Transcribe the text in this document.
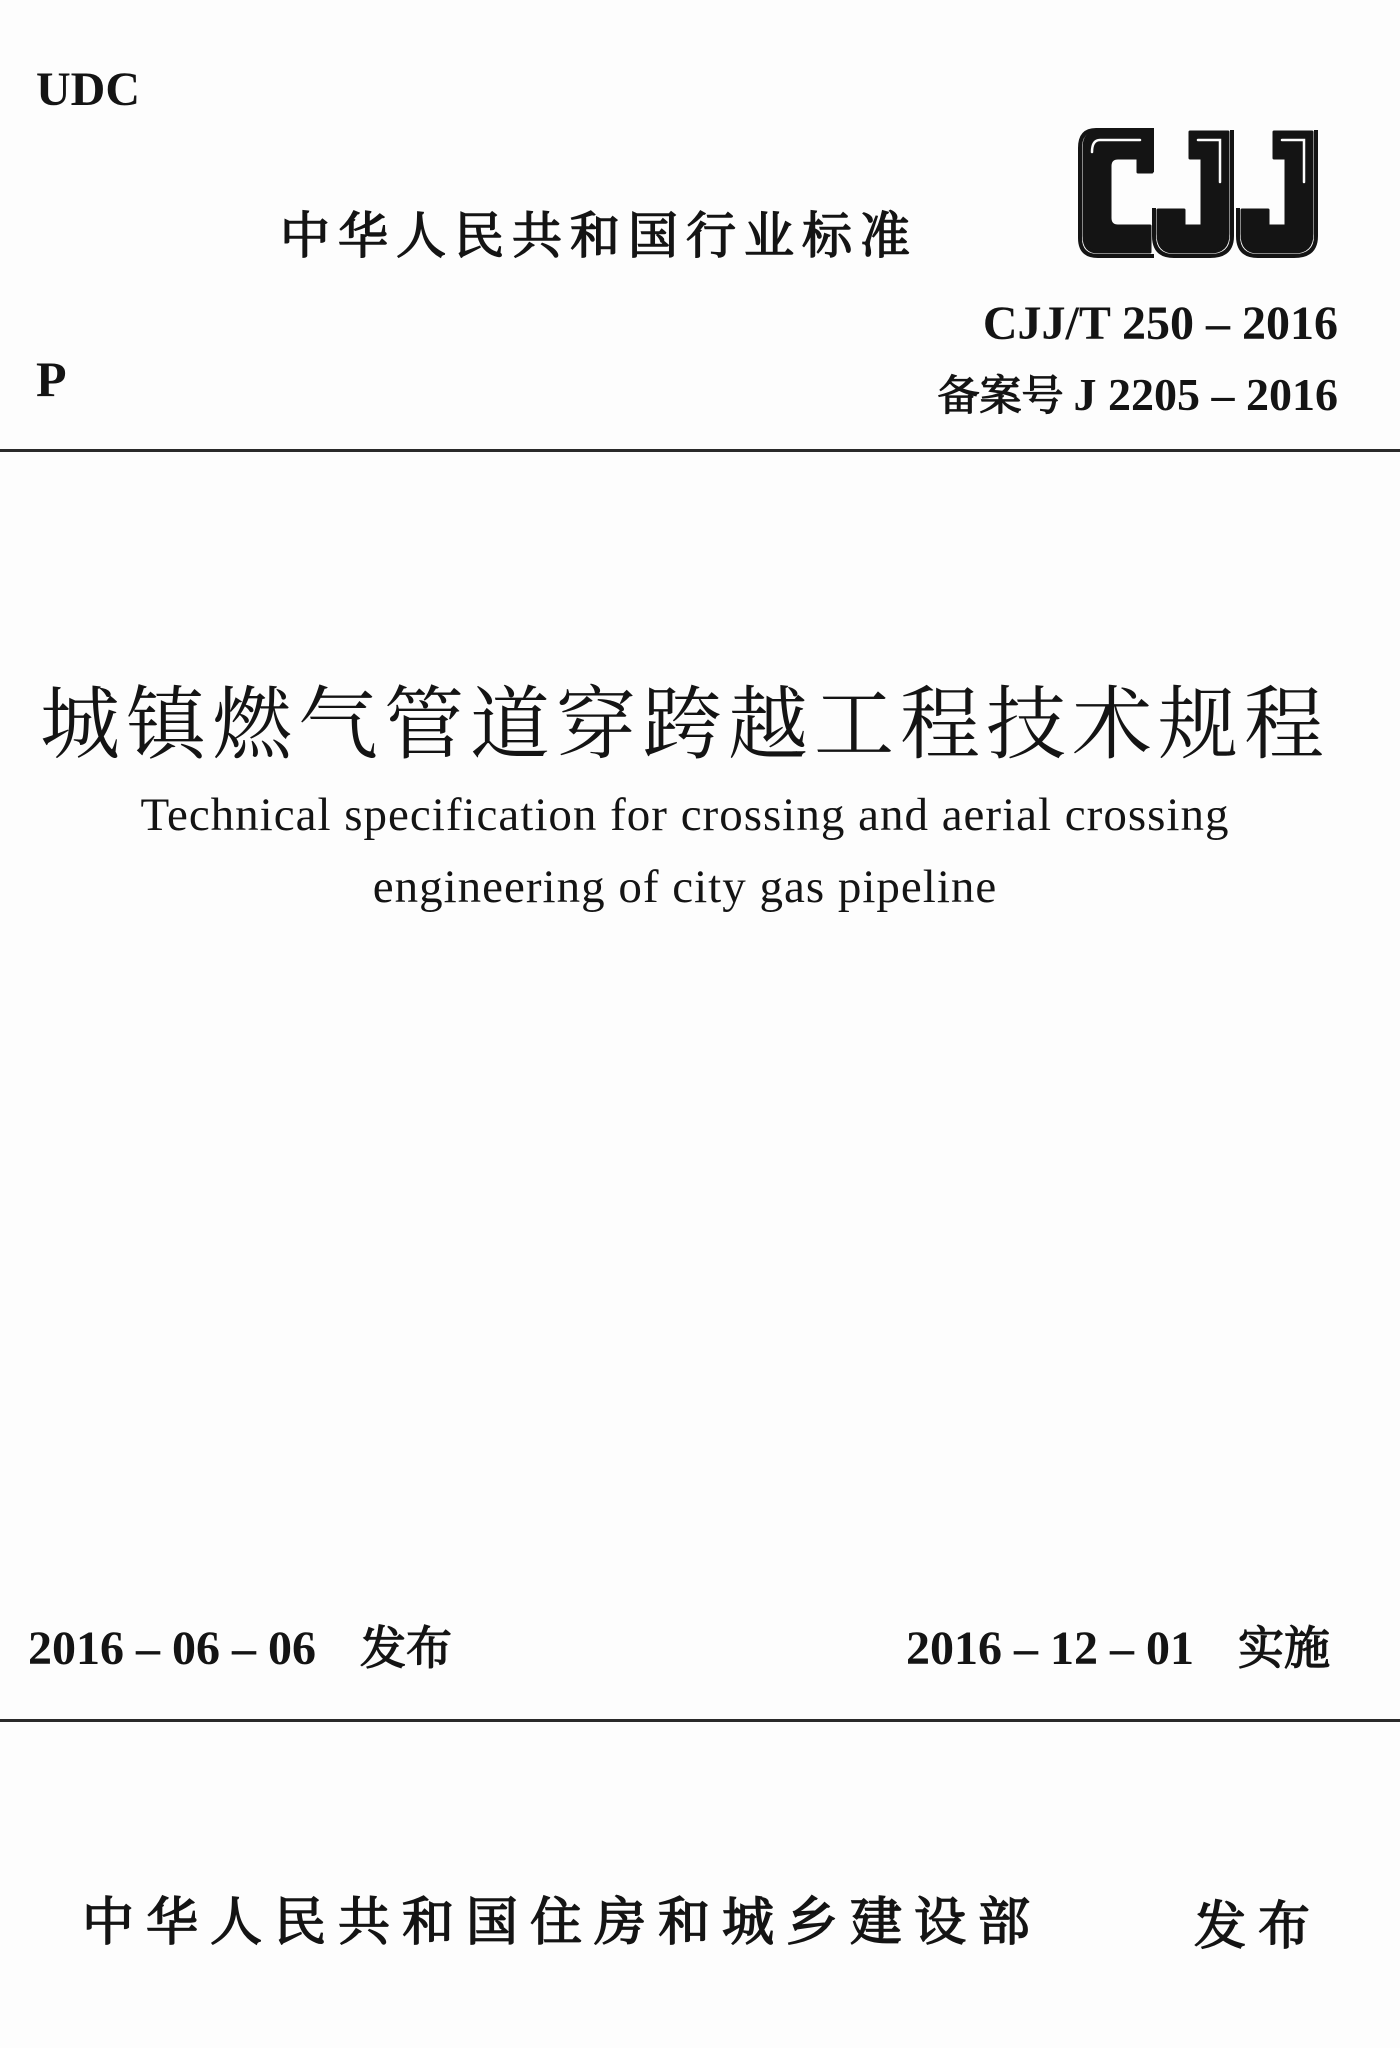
UDC
P
中华人民共和国行业标准
CJJ/T 250 – 2016
备案号 J 2205 – 2016
城镇燃气管道穿跨越工程技术规程
Technical specification for crossing and aerial crossing
engineering of city gas pipeline
2016 – 06 – 06 发布	2016 – 12 – 01 实施
中华人民共和国住房和城乡建设部	发布
